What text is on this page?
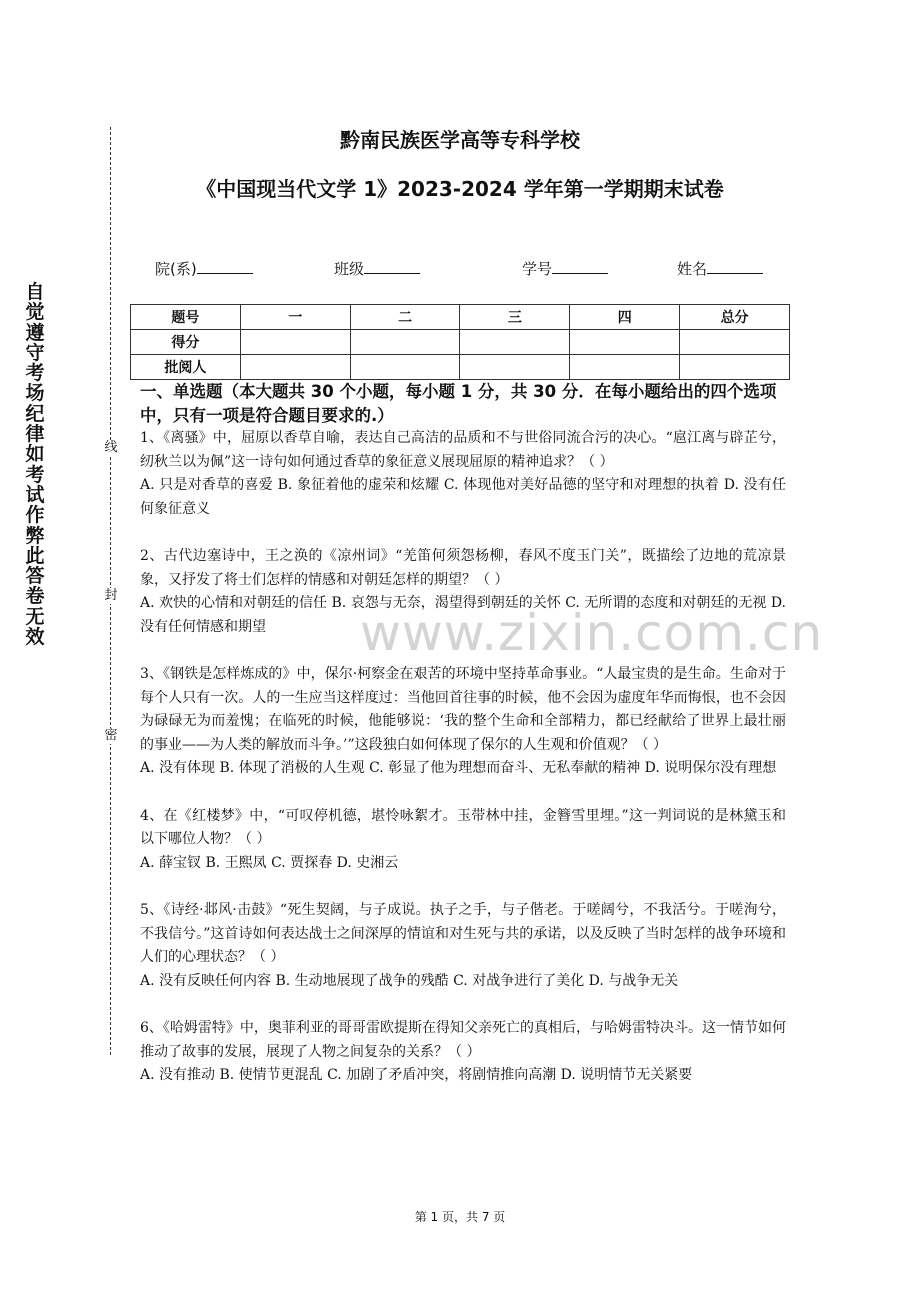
自觉遵守考场纪律如考试作弊此答卷无效
线
封
密
黔南民族医学高等专科学校
《中国现当代文学 1》2023-2024 学年第一学期期末试卷
院(系)	班级	学号	姓名
题号	一	二	三	四	总分
得分					
批阅人					
一、单选题（本大题共 30 个小题，每小题 1 分，共 30 分．在每小题给出的四个选项中，只有一项是符合题目要求的.）
www.zixin.com.cn

1、《离骚》中，屈原以香草自喻，表达自己高洁的品质和不与世俗同流合污的决心。“扈江离与辟芷兮，纫秋兰以为佩”这一诗句如何通过香草的象征意义展现屈原的精神追求？（ ）

A. 只是对香草的喜爱 B. 象征着他的虚荣和炫耀 C. 体现他对美好品德的坚守和对理想的执着 D. 没有任何象征意义

2、古代边塞诗中，王之涣的《凉州词》“羌笛何须怨杨柳，春风不度玉门关”，既描绘了边地的荒凉景象，又抒发了将士们怎样的情感和对朝廷怎样的期望？（ ）

A. 欢快的心情和对朝廷的信任 B. 哀怨与无奈，渴望得到朝廷的关怀 C. 无所谓的态度和对朝廷的无视 D. 没有任何情感和期望

3、《钢铁是怎样炼成的》中，保尔·柯察金在艰苦的环境中坚持革命事业。“人最宝贵的是生命。生命对于每个人只有一次。人的一生应当这样度过：当他回首往事的时候，他不会因为虚度年华而悔恨，也不会因为碌碌无为而羞愧；在临死的时候，他能够说：‘我的整个生命和全部精力，都已经献给了世界上最壮丽的事业——为人类的解放而斗争。’”这段独白如何体现了保尔的人生观和价值观？（ ）

A. 没有体现 B. 体现了消极的人生观 C. 彰显了他为理想而奋斗、无私奉献的精神 D. 说明保尔没有理想

4、在《红楼梦》中，“可叹停机德，堪怜咏絮才。玉带林中挂，金簪雪里埋。”这一判词说的是林黛玉和以下哪位人物？（ ）

A. 薛宝钗 B. 王熙凤 C. 贾探春 D. 史湘云

5、《诗经·邶风·击鼓》“死生契阔，与子成说。执子之手，与子偕老。于嗟阔兮，不我活兮。于嗟洵兮，不我信兮。”这首诗如何表达战士之间深厚的情谊和对生死与共的承诺，以及反映了当时怎样的战争环境和人们的心理状态？（ ）

A. 没有反映任何内容 B. 生动地展现了战争的残酷 C. 对战争进行了美化 D. 与战争无关

6、《哈姆雷特》中，奥菲利亚的哥哥雷欧提斯在得知父亲死亡的真相后，与哈姆雷特决斗。这一情节如何推动了故事的发展，展现了人物之间复杂的关系？（ ）

A. 没有推动 B. 使情节更混乱 C. 加剧了矛盾冲突，将剧情推向高潮 D. 说明情节无关紧要

第 1 页，共 7 页
